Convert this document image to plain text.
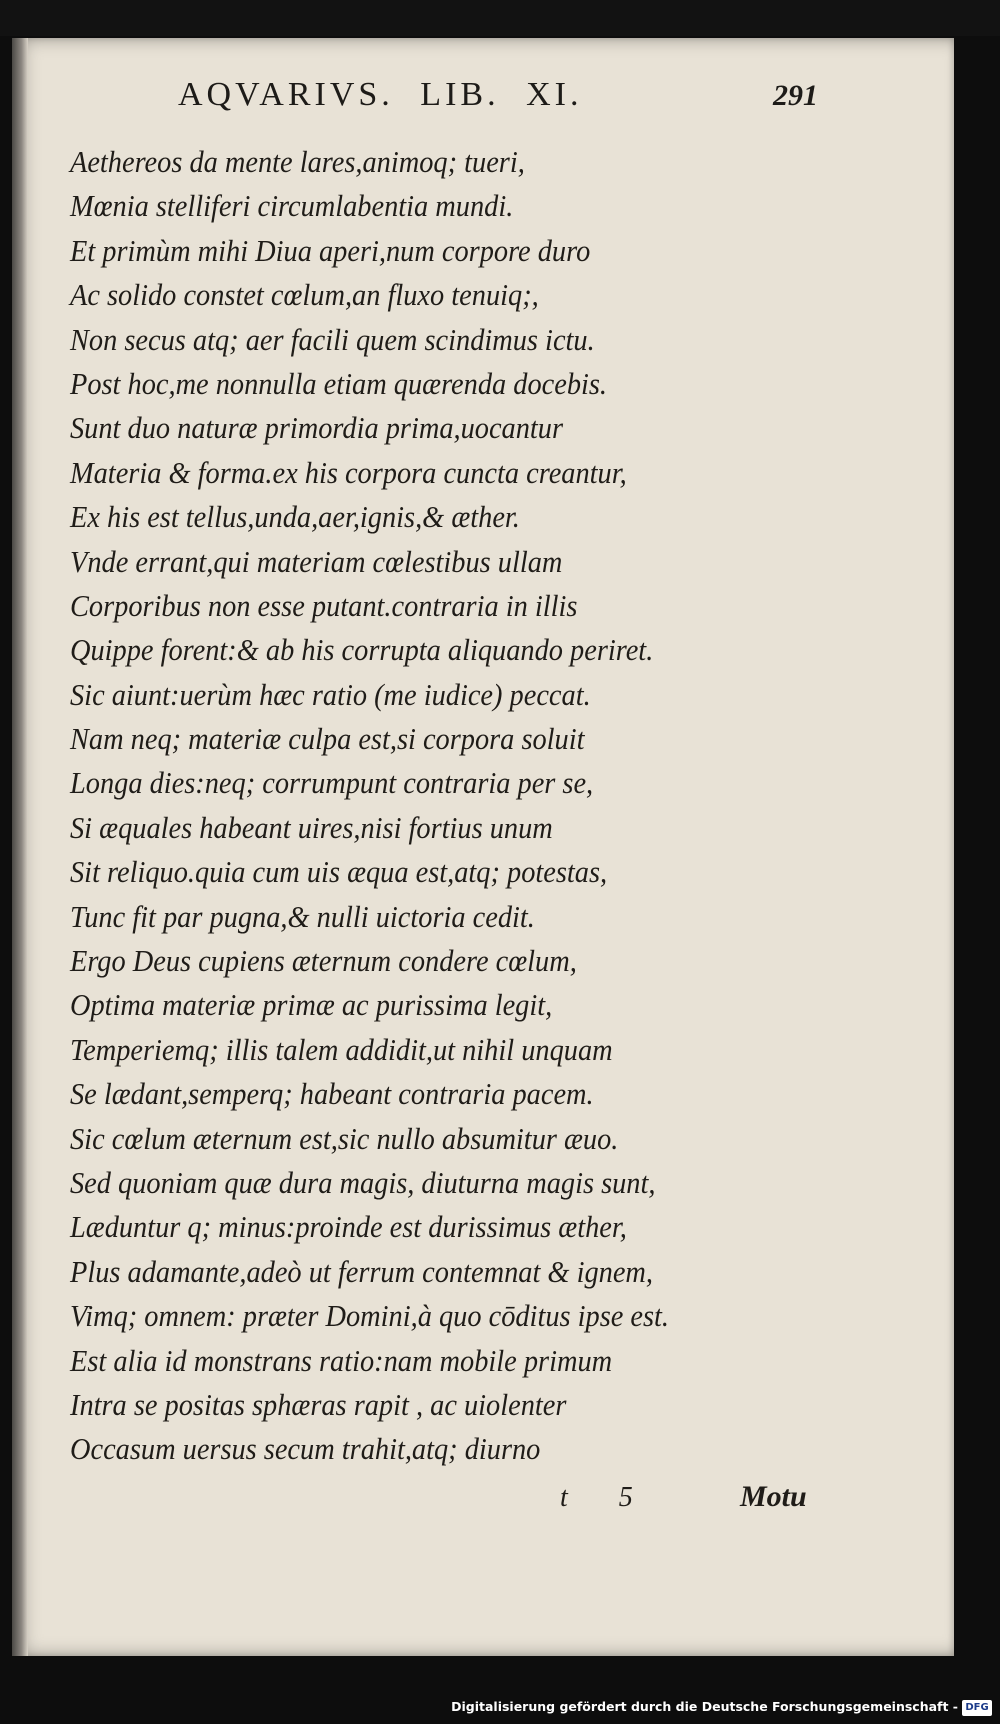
AQVARIVS. LIB. XI.	291
Aethereos da mente lares,animoq; tueri,
Mœnia stelliferi circumlabentia mundi.
Et primùm mihi Diua aperi,num corpore duro
Ac solido constet cœlum,an fluxo tenuiq;,
Non secus atq; aer facili quem scindimus ictu.
Post hoc,me nonnulla etiam quærenda docebis.
Sunt duo naturæ primordia prima,uocantur
Materia & forma.ex his corpora cuncta creantur,
Ex his est tellus,unda,aer,ignis,& æther.
Vnde errant,qui materiam cœlestibus ullam
Corporibus non esse putant.contraria in illis
Quippe forent:& ab his corrupta aliquando periret.
Sic aiunt:uerùm hæc ratio (me iudice) peccat.
Nam neq; materiæ culpa est,si corpora soluit
Longa dies:neq; corrumpunt contraria per se,
Si æquales habeant uires,nisi fortius unum
Sit reliquo.quia cum uis æqua est,atq; potestas,
Tunc fit par pugna,& nulli uictoria cedit.
Ergo Deus cupiens æternum condere cœlum,
Optima materiæ primæ ac purissima legit,
Temperiemq; illis talem addidit,ut nihil unquam
Se lædant,semperq; habeant contraria pacem.
Sic cœlum æternum est,sic nullo absumitur æuo.
Sed quoniam quæ dura magis, diuturna magis sunt,
Læduntur q; minus:proinde est durissimus æther,
Plus adamante,adeò ut ferrum contemnat & ignem,
Vimq; omnem: præter Domini,à quo cōditus ipse est.
Est alia id monstrans ratio:nam mobile primum
Intra se positas sphæras rapit , ac uiolenter
Occasum uersus secum trahit,atq; diurno
t 5	Motu
Digitalisierung gefördert durch die Deutsche Forschungsgemeinschaft - DFG
